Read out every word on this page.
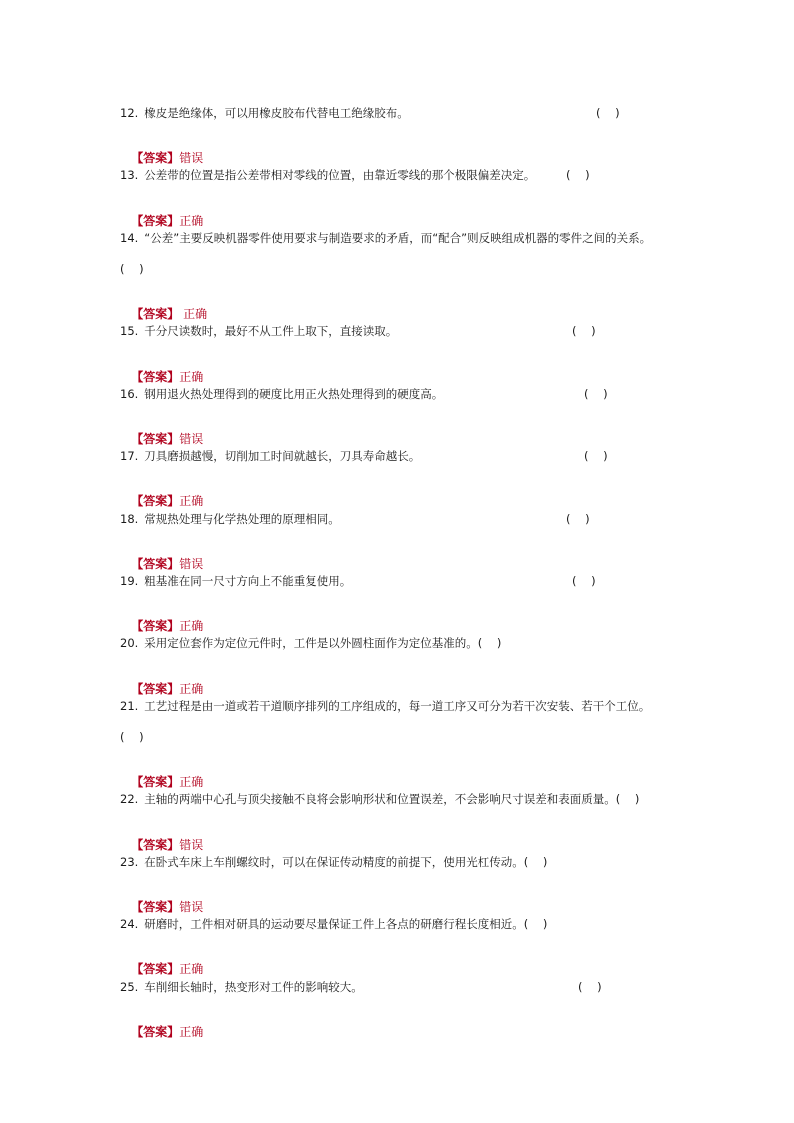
12. 橡皮是绝缘体，可以用橡皮胶布代替电工绝缘胶布。	(    )

【答案】错误

13. 公差带的位置是指公差带相对零线的位置，由靠近零线的那个极限偏差决定。	(    )

【答案】正确

14. “公差”主要反映机器零件使用要求与制造要求的矛盾，而“配合”则反映组成机器的零件之间的关系。
(    )

【答案】 正确

15. 千分尺读数时，最好不从工件上取下，直接读取。	(    )

【答案】正确

16. 钢用退火热处理得到的硬度比用正火热处理得到的硬度高。	(    )

【答案】错误

17. 刀具磨损越慢，切削加工时间就越长，刀具寿命越长。	(    )

【答案】正确

18. 常规热处理与化学热处理的原理相同。	(    )

【答案】错误

19. 粗基准在同一尺寸方向上不能重复使用。	(    )

【答案】正确

20. 采用定位套作为定位元件时，工件是以外圆柱面作为定位基准的。(    )

【答案】正确

21. 工艺过程是由一道或若干道顺序排列的工序组成的，每一道工序又可分为若干次安装、若干个工位。
(    )

【答案】正确

22. 主轴的两端中心孔与顶尖接触不良将会影响形状和位置误差，不会影响尺寸误差和表面质量。(    )

【答案】错误

23. 在卧式车床上车削螺纹时，可以在保证传动精度的前提下，使用光杠传动。(    )

【答案】错误

24. 研磨时，工件相对研具的运动要尽量保证工件上各点的研磨行程长度相近。(    )

【答案】正确

25. 车削细长轴时，热变形对工件的影响较大。	(    )

【答案】正确
